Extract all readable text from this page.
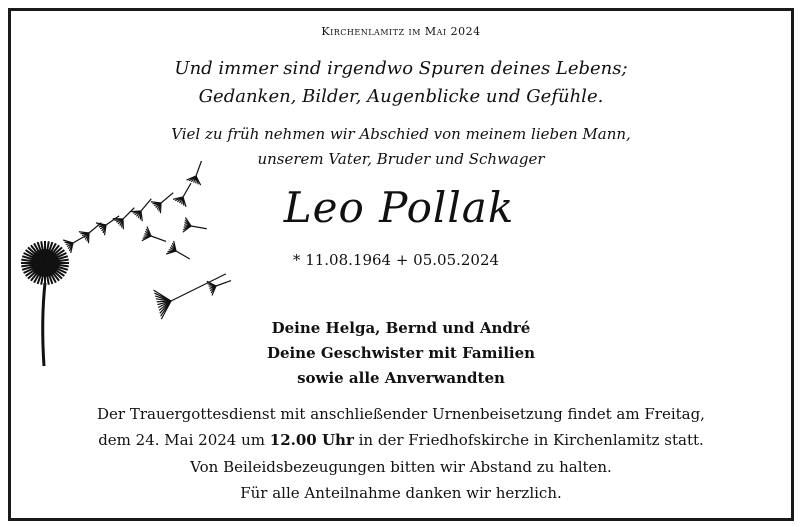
Kirchenlamitz im Mai 2024
Und immer sind irgendwo Spuren deines Lebens;
Gedanken, Bilder, Augenblicke und Gefühle.
Viel zu früh nehmen wir Abschied von meinem lieben Mann,
unserem Vater, Bruder und Schwager
Leo Pollak
* 11.08.1964 + 05.05.2024
Deine Helga, Bernd und André
Deine Geschwister mit Familien
sowie alle Anverwandten
Der Trauergottesdienst mit anschließender Urnenbeisetzung findet am Freitag,
dem 24. Mai 2024 um 12.00 Uhr in der Friedhofskirche in Kirchenlamitz statt.
Von Beileidsbezeugungen bitten wir Abstand zu halten.
Für alle Anteilnahme danken wir herzlich.
